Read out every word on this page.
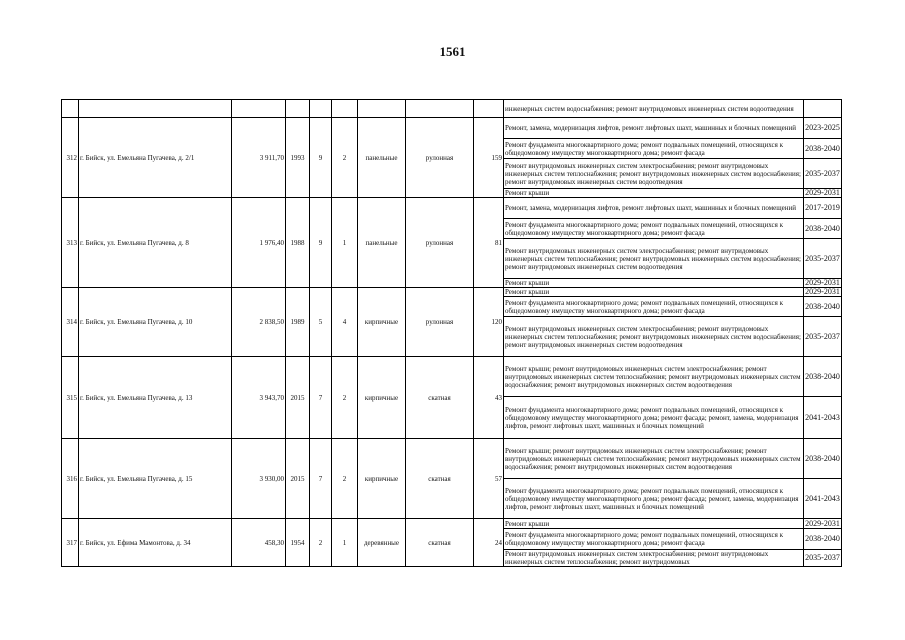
1561
									инженерных систем водоснабжения; ремонт внутридомовых инженерных систем водоотведения	
312	г. Бийск, ул. Емельяна Пугачева, д. 2/1	3 911,70	1993	9	2	панельные	рулонная	159	Ремонт, замена, модернизация лифтов, ремонт лифтовых шахт, машинных и блочных помещений	2023-2025
									Ремонт фундамента многоквартирного дома; ремонт подвальных помещений, относящихся к общедомовому имуществу многоквартирного дома; ремонт фасада	2038-2040
									Ремонт внутридомовых инженерных систем электроснабжения; ремонт внутридомовых инженерных систем теплоснабжения; ремонт внутридомовых инженерных систем водоснабжения; ремонт внутридомовых инженерных систем водоотведения	2035-2037
									Ремонт крыши	2029-2031
313	г. Бийск, ул. Емельяна Пугачева, д. 8	1 976,40	1988	9	1	панельные	рулонная	81	Ремонт, замена, модернизация лифтов, ремонт лифтовых шахт, машинных и блочных помещений	2017-2019
									Ремонт фундамента многоквартирного дома; ремонт подвальных помещений, относящихся к общедомовому имуществу многоквартирного дома; ремонт фасада	2038-2040
									Ремонт внутридомовых инженерных систем электроснабжения; ремонт внутридомовых инженерных систем теплоснабжения; ремонт внутридомовых инженерных систем водоснабжения; ремонт внутридомовых инженерных систем водоотведения	2035-2037
									Ремонт крыши	2029-2031
314	г. Бийск, ул. Емельяна Пугачева, д. 10	2 838,50	1989	5	4	кирпичные	рулонная	120	Ремонт крыши	2029-2031
									Ремонт фундамента многоквартирного дома; ремонт подвальных помещений, относящихся к общедомовому имуществу многоквартирного дома; ремонт фасада	2038-2040
									Ремонт внутридомовых инженерных систем электроснабжения; ремонт внутридомовых инженерных систем теплоснабжения; ремонт внутридомовых инженерных систем водоснабжения; ремонт внутридомовых инженерных систем водоотведения	2035-2037
315	г. Бийск, ул. Емельяна Пугачева, д. 13	3 943,70	2015	7	2	кирпичные	скатная	43	Ремонт крыши; ремонт внутридомовых инженерных систем электроснабжения; ремонт внутридомовых инженерных систем теплоснабжения; ремонт внутридомовых инженерных систем водоснабжения; ремонт внутридомовых инженерных систем водоотведения	2038-2040
									Ремонт фундамента многоквартирного дома; ремонт подвальных помещений, относящихся к общедомовому имуществу многоквартирного дома; ремонт фасада; ремонт, замена, модернизация лифтов, ремонт лифтовых шахт, машинных и блочных помещений	2041-2043
316	г. Бийск, ул. Емельяна Пугачева, д. 15	3 930,00	2015	7	2	кирпичные	скатная	57	Ремонт крыши; ремонт внутридомовых инженерных систем электроснабжения; ремонт внутридомовых инженерных систем теплоснабжения; ремонт внутридомовых инженерных систем водоснабжения; ремонт внутридомовых инженерных систем водоотведения	2038-2040
									Ремонт фундамента многоквартирного дома; ремонт подвальных помещений, относящихся к общедомовому имуществу многоквартирного дома; ремонт фасада; ремонт, замена, модернизация лифтов, ремонт лифтовых шахт, машинных и блочных помещений	2041-2043
317	г. Бийск, ул. Ефима Мамонтова, д. 34	458,30	1954	2	1	деревянные	скатная	24	Ремонт крыши	2029-2031
									Ремонт фундамента многоквартирного дома; ремонт подвальных помещений, относящихся к общедомовому имуществу многоквартирного дома; ремонт фасада	2038-2040
									Ремонт внутридомовых инженерных систем электроснабжения; ремонт внутридомовых инженерных систем теплоснабжения; ремонт внутридомовых	2035-2037
